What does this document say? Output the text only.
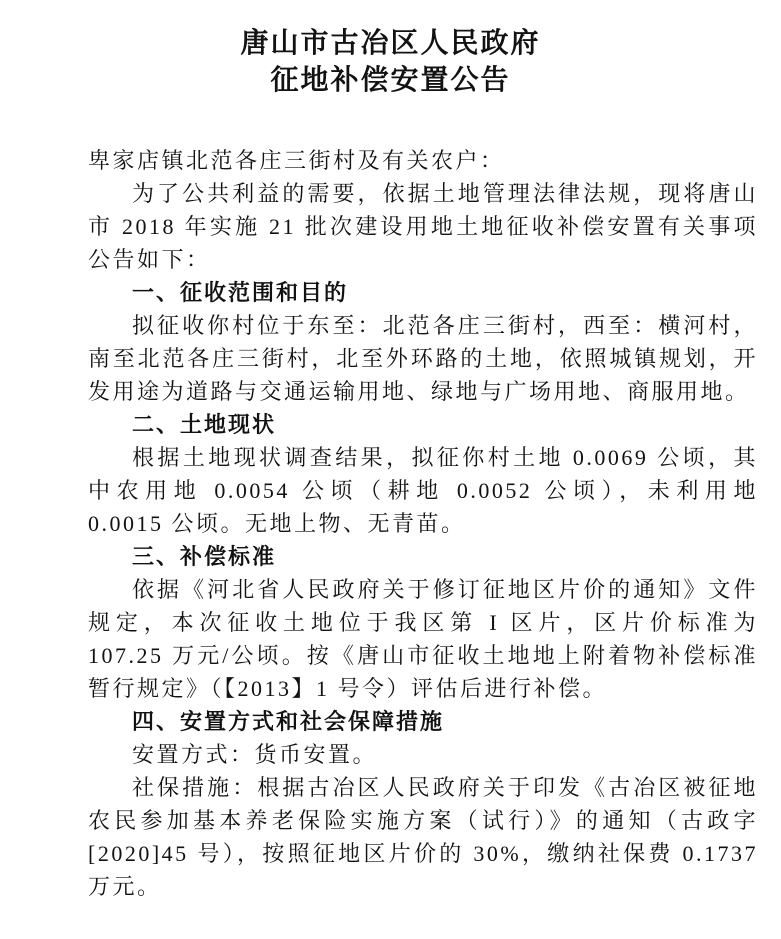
唐山市古冶区人民政府
征地补偿安置公告

卑家店镇北范各庄三街村及有关农户：

为了公共利益的需要，依据土地管理法律法规，现将唐山市 2018 年实施 21 批次建设用地土地征收补偿安置有关事项公告如下：

一、征收范围和目的

拟征收你村位于东至：北范各庄三街村，西至：横河村，南至北范各庄三街村，北至外环路的土地，依照城镇规划，开发用途为道路与交通运输用地、绿地与广场用地、商服用地。

二、土地现状

根据土地现状调查结果，拟征你村土地 0.0069 公顷，其中农用地 0.0054 公顷（耕地 0.0052 公顷），未利用地 0.0015 公顷。无地上物、无青苗。

三、补偿标准

依据《河北省人民政府关于修订征地区片价的通知》文件规定，本次征收土地位于我区第 I 区片，区片价标准为 107.25 万元/公顷。按《唐山市征收土地地上附着物补偿标准暂行规定》（【2013】1 号令）评估后进行补偿。

四、安置方式和社会保障措施

安置方式：货币安置。

社保措施：根据古冶区人民政府关于印发《古冶区被征地农民参加基本养老保险实施方案（试行）》的通知（古政字[2020]45 号），按照征地区片价的 30%，缴纳社保费 0.1737 万元。
